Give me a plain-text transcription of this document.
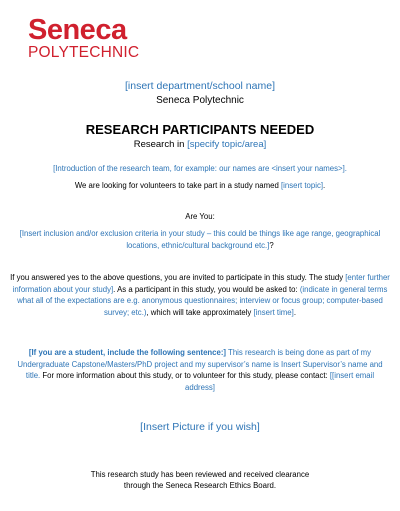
Seneca
POLYTECHNIC
[insert department/school name]
Seneca Polytechnic
RESEARCH PARTICIPANTS NEEDED
Research in [specify topic/area]
[Introduction of the research team, for example: our names are <insert your names>].
We are looking for volunteers to take part in a study named [insert topic].
Are You:
[Insert inclusion and/or exclusion criteria in your study – this could be things like age range, geographical locations, ethnic/cultural background etc.]?
If you answered yes to the above questions, you are invited to participate in this study. The study [enter further information about your study]. As a participant in this study, you would be asked to: (indicate in general terms what all of the expectations are e.g. anonymous questionnaires; interview or focus group; computer-based survey; etc.), which will take approximately [insert time].
[If you are a student, include the following sentence:] This research is being done as part of my Undergraduate Capstone/Masters/PhD project and my supervisor’s name is Insert Supervisor’s name and title. For more information about this study, or to volunteer for this study, please contact: [[insert email address]
[Insert Picture if you wish]
This research study has been reviewed and received clearance
through the Seneca Research Ethics Board.
